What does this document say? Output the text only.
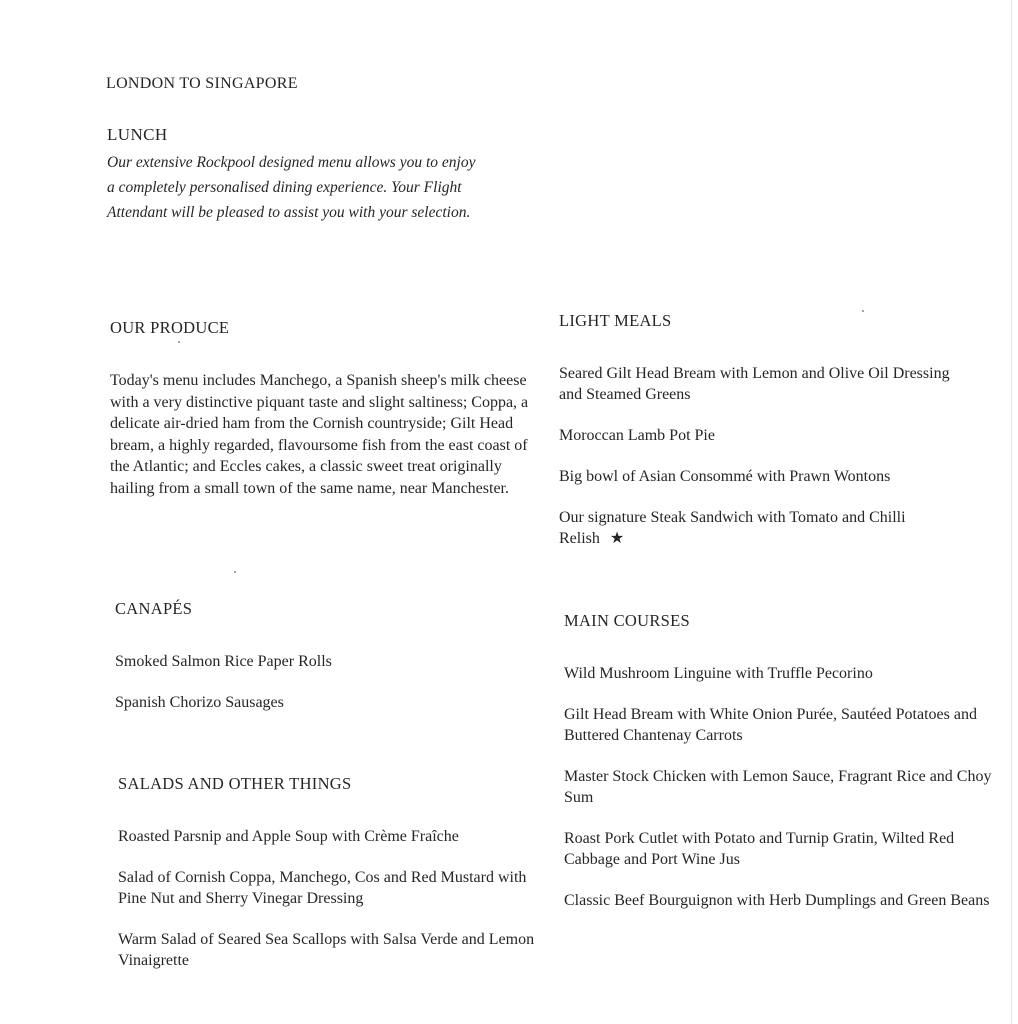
LONDON TO SINGAPORE
LUNCH

Our extensive Rockpool designed menu allows you to enjoy
a completely personalised dining experience. Your Flight
Attendant will be pleased to assist you with your selection.

OUR PRODUCE

Today's menu includes Manchego, a Spanish sheep's milk cheese with a very distinctive piquant taste and slight saltiness; Coppa, a delicate air-dried ham from the Cornish countryside; Gilt Head bream, a highly regarded, flavoursome fish from the east coast of the Atlantic; and Eccles cakes, a classic sweet treat originally hailing from a small town of the same name, near Manchester.

CANAPÉS
Smoked Salmon Rice Paper Rolls
Spanish Chorizo Sausages
SALADS AND OTHER THINGS
Roasted Parsnip and Apple Soup with Crème Fraîche
Salad of Cornish Coppa, Manchego, Cos and Red Mustard with Pine Nut and Sherry Vinegar Dressing
Warm Salad of Seared Sea Scallops with Salsa Verde and Lemon Vinaigrette
LIGHT MEALS
Seared Gilt Head Bream with Lemon and Olive Oil Dressing and Steamed Greens
Moroccan Lamb Pot Pie
Big bowl of Asian Consommé with Prawn Wontons
Our signature Steak Sandwich with Tomato and Chilli Relish ★
MAIN COURSES
Wild Mushroom Linguine with Truffle Pecorino
Gilt Head Bream with White Onion Purée, Sautéed Potatoes and Buttered Chantenay Carrots
Master Stock Chicken with Lemon Sauce, Fragrant Rice and Choy Sum
Roast Pork Cutlet with Potato and Turnip Gratin, Wilted Red Cabbage and Port Wine Jus
Classic Beef Bourguignon with Herb Dumplings and Green Beans
